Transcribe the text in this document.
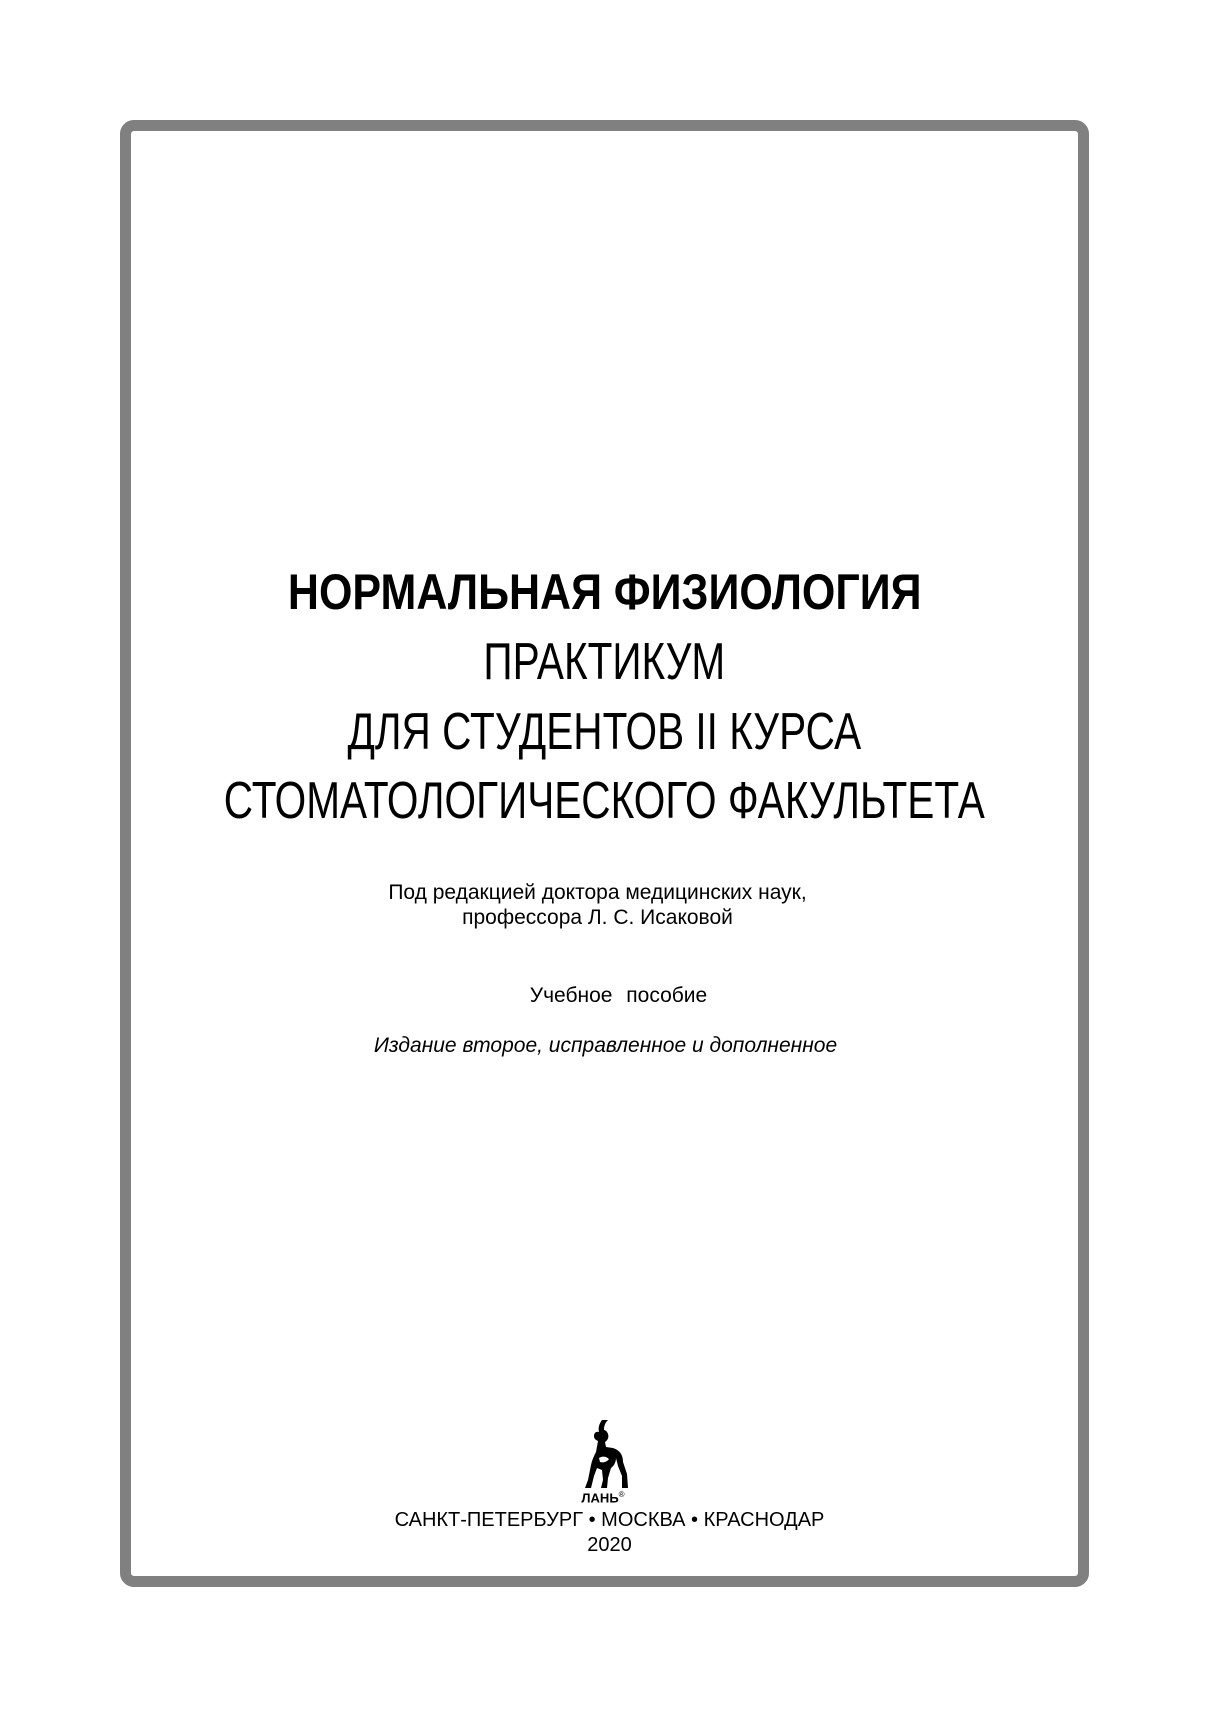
НОРМАЛЬНАЯ ФИЗИОЛОГИЯ
ПРАКТИКУМ
ДЛЯ СТУДЕНТОВ II КУРСА
СТОМАТОЛОГИЧЕСКОГО ФАКУЛЬТЕТА
Под редакцией доктора медицинских наук,
профессора Л. С. Исаковой
Учебное пособие
Издание второе, исправленное и дополненное
ЛАНЬ®
САНКТ-ПЕТЕРБУРГ • МОСКВА • КРАСНОДАР
2020
